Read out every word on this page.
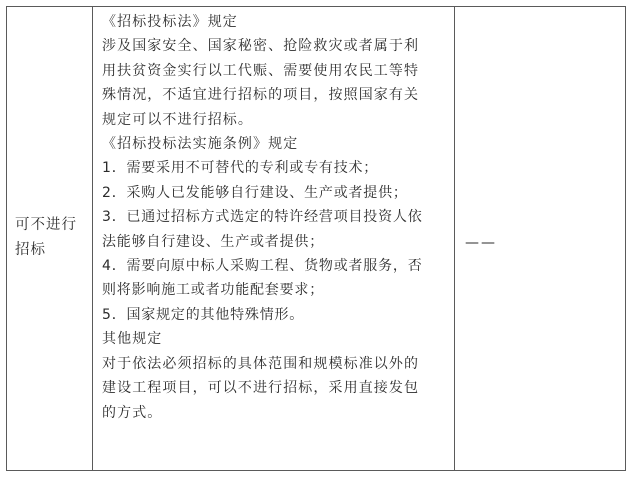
可不进行
招标
《招标投标法》规定
涉及国家安全、国家秘密、抢险救灾或者属于利
用扶贫资金实行以工代赈、需要使用农民工等特
殊情况，不适宜进行招标的项目，按照国家有关
规定可以不进行招标。
《招标投标法实施条例》规定
1．需要采用不可替代的专利或专有技术；
2．采购人已发能够自行建设、生产或者提供；
3．已通过招标方式选定的特许经营项目投资人依
法能够自行建设、生产或者提供；
4．需要向原中标人采购工程、货物或者服务，否
则将影响施工或者功能配套要求；
5．国家规定的其他特殊情形。
其他规定
对于依法必须招标的具体范围和规模标准以外的
建设工程项目，可以不进行招标，采用直接发包
的方式。
——
